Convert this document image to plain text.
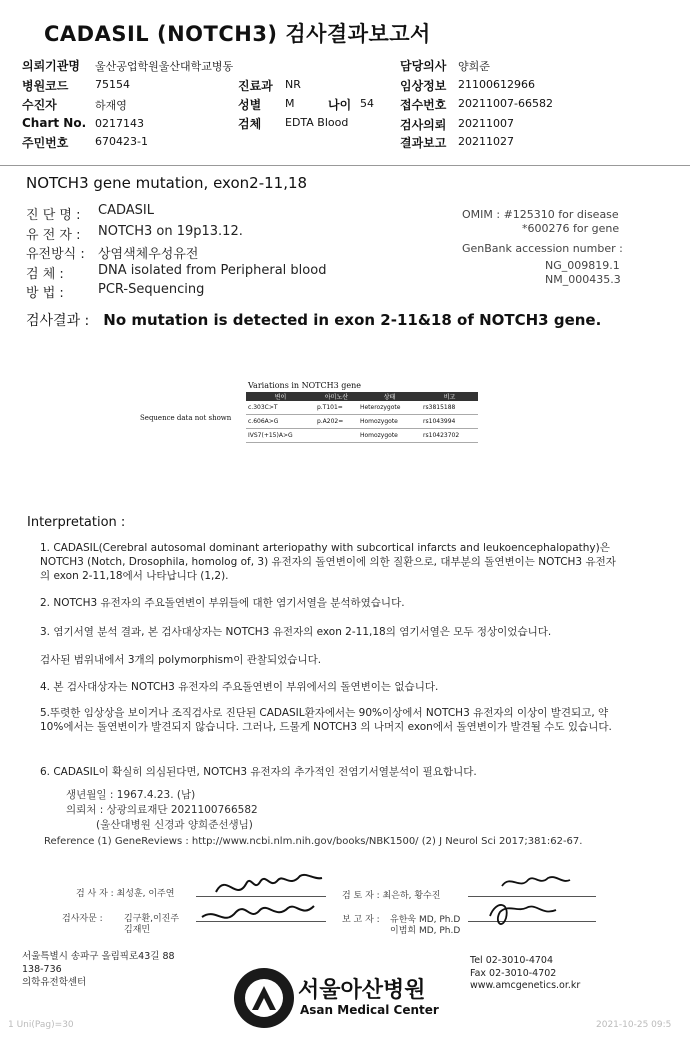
CADASIL (NOTCH3) 검사결과보고서
의뢰기관명 울산공업학원울산대학교병동
병원코드 75154
수진자	하재영
Chart No. 0217143
주민번호 670423-1
진료과 NR
성별 M	나이 54
검체 EDTA Blood
담당의사 양희준
임상정보 21100612966
접수번호 20211007-66582
검사의뢰 20211007
결과보고 20211027
NOTCH3 gene mutation, exon2-11,18
진 단 명 : CADASIL
유 전 자 : NOTCH3 on 19p13.12.
유전방식 : 상염색체우성유전
검 체 :	DNA isolated from Peripheral blood
방 법 :	PCR-Sequencing
OMIM : #125310 for disease
*600276 for gene
GenBank accession number :
NG_009819.1
NM_000435.3
검사결과 : No mutation is detected in exon 2-11&18 of NOTCH3 gene.
Variations in NOTCH3 gene
Sequence data not shown
변이	아미노산	상태	비고
c.303C>T	p.T101=	Heterozygote	rs3815188
c.606A>G	p.A202=	Homozygote	rs1043994
IVS7(+15)A>G		Homozygote	rs10423702
Interpretation :
1. CADASIL(Cerebral autosomal dominant arteriopathy with subcortical infarcts and leukoencephalopathy)은 NOTCH3 (Notch, Drosophila, homolog of, 3) 유전자의 돌연변이에 의한 질환으로, 대부분의 돌연변이는 NOTCH3 유전자의 exon 2-11,18에서 나타납니다 (1,2).
2. NOTCH3 유전자의 주요돌연변이 부위들에 대한 염기서열을 분석하였습니다.
3. 염기서열 분석 결과, 본 검사대상자는 NOTCH3 유전자의 exon 2-11,18의 염기서열은 모두 정상이었습니다.
검사된 범위내에서 3개의 polymorphism이 관찰되었습니다.
4. 본 검사대상자는 NOTCH3 유전자의 주요돌연변이 부위에서의 돌연변이는 없습니다.
5.뚜렷한 임상상을 보이거나 조직검사로 진단된 CADASIL환자에서는 90%이상에서 NOTCH3 유전자의 이상이 발견되고, 약 10%에서는 돌연변이가 발견되지 않습니다. 그러나, 드물게 NOTCH3 의 나머지 exon에서 돌연변이가 발견될 수도 있습니다.
6. CADASIL이 확실히 의심된다면, NOTCH3 유전자의 추가적인 전염기서열분석이 필요합니다.
생년월일 : 1967.4.23. (남)
의뢰처 : 상광의료재단 2021100766582
(울산대병원 신경과 양희준선생님)
Reference (1) GeneReviews : http://www.ncbi.nlm.nih.gov/books/NBK1500/ (2) J Neurol Sci 2017;381:62-67.
검 사 자 : 최성훈, 이주연
검사자문 : 김구환,이진주
김재민
검 토 자 : 최은하, 황수진
보 고 자 : 유한욱 MD, Ph.D
이범희 MD, Ph.D
서울특별시 송파구 올림픽로43길 88
138-736
의학유전학센터	서울아산병원
Asan Medical Center
Tel 02-3010-4704
Fax 02-3010-4702
www.amcgenetics.or.kr
1 Uni(Pag)=30	2021-10-25 09:5
